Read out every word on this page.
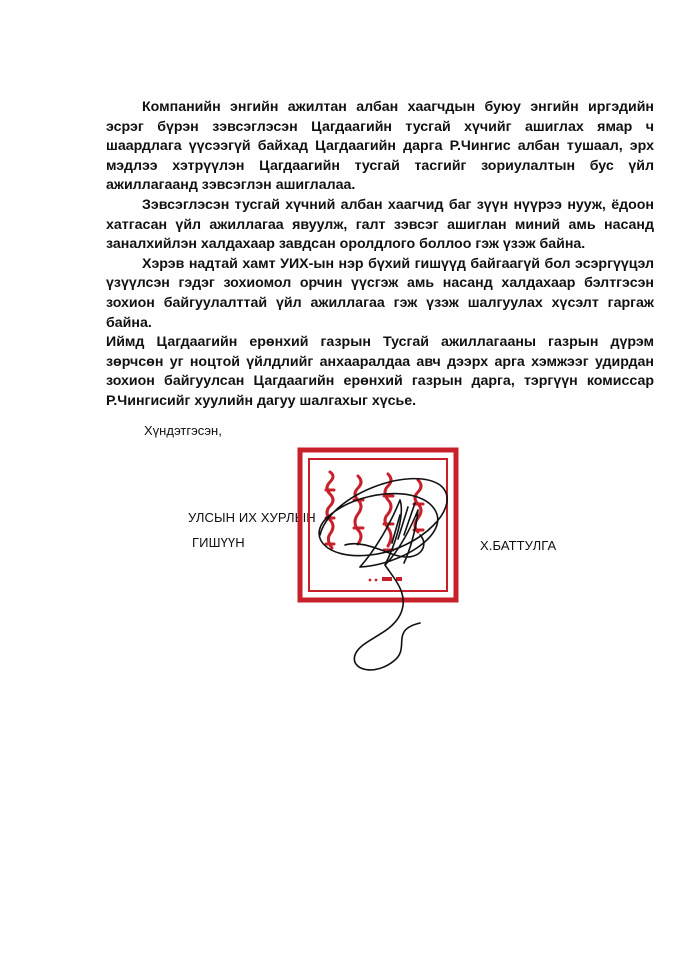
Компанийн энгийн ажилтан албан хаагчдын буюу энгийн иргэдийн эсрэг бүрэн зэвсэглэсэн Цагдаагийн тусгай хүчийг ашиглах ямар ч шаардлага үүсээгүй байхад Цагдаагийн дарга Р.Чингис албан тушаал, эрх мэдлээ хэтрүүлэн Цагдаагийн тусгай тасгийг зориулалтын бус үйл ажиллагаанд зэвсэглэн ашиглалаа.

Зэвсэглэсэн тусгай хүчний албан хаагчид баг зүүн нүүрээ нууж, ёдоон хатгасан үйл ажиллагаа явуулж, галт зэвсэг ашиглан миний амь насанд заналхийлэн халдахаар завдсан оролдлого боллоо гэж үзэж байна.

Хэрэв надтай хамт УИХ-ын нэр бүхий гишүүд байгаагүй бол эсэргүүцэл үзүүлсэн гэдэг зохиомол орчин үүсгэж амь насанд халдахаар бэлтгэсэн зохион байгуулалттай үйл ажиллагаа гэж үзэж шалгуулах хүсэлт гаргаж байна.

Иймд Цагдаагийн ерөнхий газрын Тусгай ажиллагааны газрын дүрэм зөрчсөн уг ноцтой үйлдлийг анхааралдаа авч дээрх арга хэмжээг удирдан зохион байгуулсан Цагдаагийн ерөнхий газрын дарга, тэргүүн комиссар Р.Чингисийг хуулийн дагуу шалгахыг хүсье.

Хүндэтгэсэн,
УЛСЫН ИХ ХУРЛЫН
ГИШҮҮН	Х.БАТТУЛГА
